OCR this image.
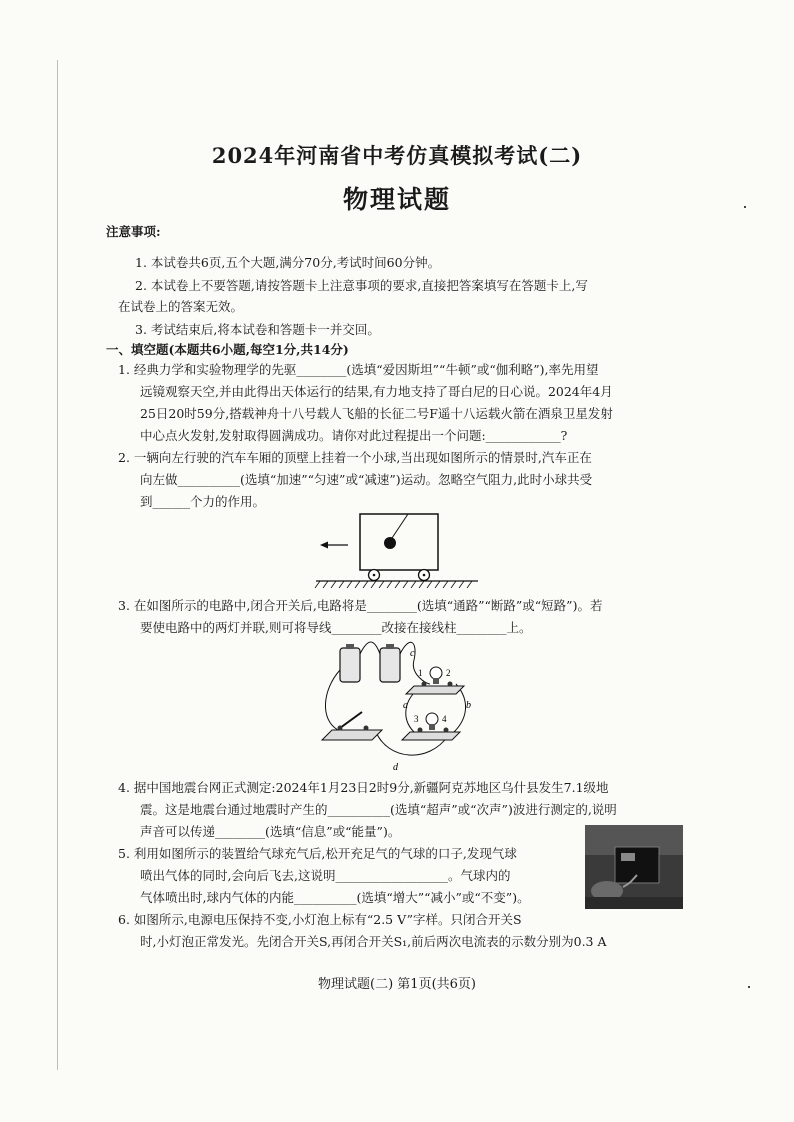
2024年河南省中考仿真模拟考试(二)
物理试题
注意事项:
1. 本试卷共6页,五个大题,满分70分,考试时间60分钟。
2. 本试卷上不要答题,请按答题卡上注意事项的要求,直接把答案填写在答题卡上,写
在试卷上的答案无效。
3. 考试结束后,将本试卷和答题卡一并交回。
一、填空题(本题共6小题,每空1分,共14分)
1. 经典力学和实验物理学的先驱________(选填“爱因斯坦”“牛顿”或“伽利略”),率先用望
远镜观察天空,并由此得出天体运行的结果,有力地支持了哥白尼的日心说。2024年4月
25日20时59分,搭载神舟十八号载人飞船的长征二号F遥十八运载火箭在酒泉卫星发射
中心点火发射,发射取得圆满成功。请你对此过程提出一个问题:____________?
2. 一辆向左行驶的汽车车厢的顶壁上挂着一个小球,当出现如图所示的情景时,汽车正在
向左做__________(选填“加速”“匀速”或“减速”)运动。忽略空气阻力,此时小球共受
到______个力的作用。
3. 在如图所示的电路中,闭合开关后,电路将是________(选填“通路”“断路”或“短路”)。若
要使电路中的两灯并联,则可将导线________改接在接线柱________上。
c
a	b
d
1	2
3	4
4. 据中国地震台网正式测定:2024年1月23日2时9分,新疆阿克苏地区乌什县发生7.1级地
震。这是地震台通过地震时产生的__________(选填“超声”或“次声”)波进行测定的,说明
声音可以传递________(选填“信息”或“能量”)。
5. 利用如图所示的装置给气球充气后,松开充足气的气球的口子,发现气球
喷出气体的同时,会向后飞去,这说明__________________。气球内的
气体喷出时,球内气体的内能__________(选填“增大”“减小”或“不变”)。
6. 如图所示,电源电压保持不变,小灯泡上标有“2.5 V”字样。只闭合开关S
时,小灯泡正常发光。先闭合开关S,再闭合开关S₁,前后两次电流表的示数分别为0.3 A
物理试题(二) 第1页(共6页)
